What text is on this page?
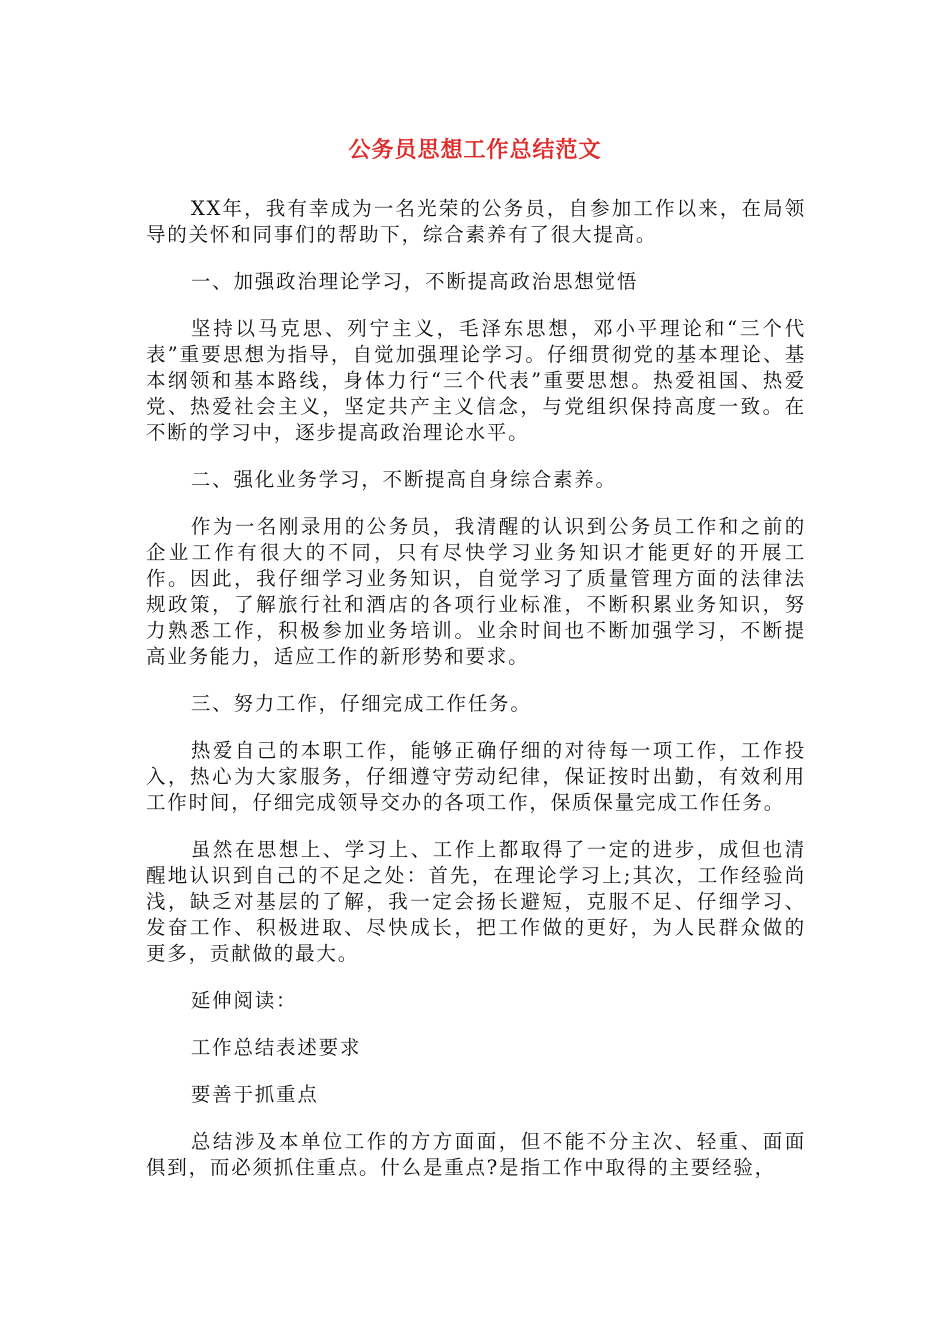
公务员思想工作总结范文

XX年，我有幸成为一名光荣的公务员，自参加工作以来，在局领导的关怀和同事们的帮助下，综合素养有了很大提高。

一、加强政治理论学习，不断提高政治思想觉悟

坚持以马克思、列宁主义，毛泽东思想，邓小平理论和“三个代表”重要思想为指导，自觉加强理论学习。仔细贯彻党的基本理论、基本纲领和基本路线，身体力行“三个代表”重要思想。热爱祖国、热爱党、热爱社会主义，坚定共产主义信念，与党组织保持高度一致。在不断的学习中，逐步提高政治理论水平。

二、强化业务学习，不断提高自身综合素养。

作为一名刚录用的公务员，我清醒的认识到公务员工作和之前的企业工作有很大的不同，只有尽快学习业务知识才能更好的开展工作。因此，我仔细学习业务知识，自觉学习了质量管理方面的法律法规政策，了解旅行社和酒店的各项行业标准，不断积累业务知识，努力熟悉工作，积极参加业务培训。业余时间也不断加强学习，不断提高业务能力，适应工作的新形势和要求。

三、努力工作，仔细完成工作任务。

热爱自己的本职工作，能够正确仔细的对待每一项工作，工作投入，热心为大家服务，仔细遵守劳动纪律，保证按时出勤，有效利用工作时间，仔细完成领导交办的各项工作，保质保量完成工作任务。

虽然在思想上、学习上、工作上都取得了一定的进步，成但也清醒地认识到自己的不足之处：首先，在理论学习上;其次，工作经验尚浅，缺乏对基层的了解，我一定会扬长避短，克服不足、仔细学习、发奋工作、积极进取、尽快成长，把工作做的更好，为人民群众做的更多，贡献做的最大。

延伸阅读：

工作总结表述要求

要善于抓重点

总结涉及本单位工作的方方面面，但不能不分主次、轻重、面面俱到，而必须抓住重点。什么是重点?是指工作中取得的主要经验，
